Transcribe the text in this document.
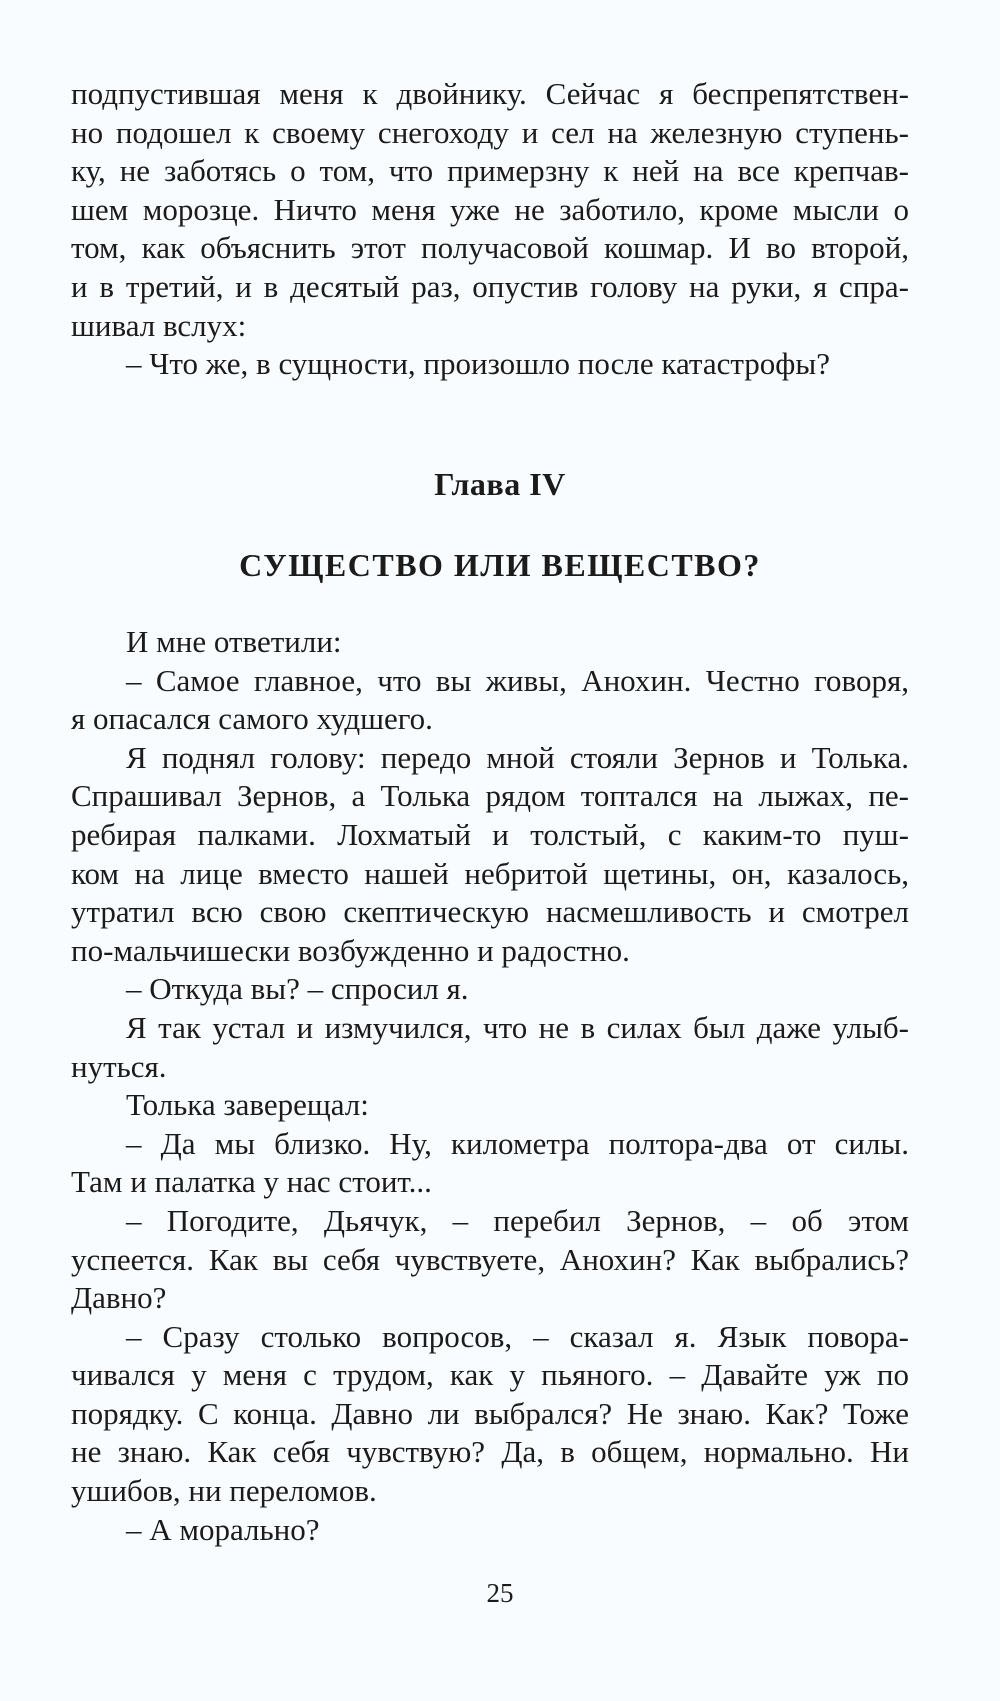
подпустившая меня к двойнику. Сейчас я беспрепятствен-
но подошел к своему снегоходу и сел на железную ступень-
ку, не заботясь о том, что примерзну к ней на все крепчав-
шем морозце. Ничто меня уже не заботило, кроме мысли о
том, как объяснить этот получасовой кошмар. И во второй,
и в третий, и в десятый раз, опустив голову на руки, я спра-
шивал вслух:
– Что же, в сущности, произошло после катастрофы?
Глава IV
СУЩЕСТВО ИЛИ ВЕЩЕСТВО?
И мне ответили:
– Самое главное, что вы живы, Анохин. Честно говоря,
я опасался самого худшего.
Я поднял голову: передо мной стояли Зернов и Толька.
Спрашивал Зернов, а Толька рядом топтался на лыжах, пе-
ребирая палками. Лохматый и толстый, с каким-то пуш-
ком на лице вместо нашей небритой щетины, он, казалось,
утратил всю свою скептическую насмешливость и смотрел
по-мальчишески возбужденно и радостно.
– Откуда вы? – спросил я.
Я так устал и измучился, что не в силах был даже улыб-
нуться.
Толька заверещал:
– Да мы близко. Ну, километра полтора-два от силы.
Там и палатка у нас стоит...
– Погодите, Дьячук, – перебил Зернов, – об этом
успеется. Как вы себя чувствуете, Анохин? Как выбрались?
Давно?
– Сразу столько вопросов, – сказал я. Язык повора-
чивался у меня с трудом, как у пьяного. – Давайте уж по
порядку. С конца. Давно ли выбрался? Не знаю. Как? Тоже
не знаю. Как себя чувствую? Да, в общем, нормально. Ни
ушибов, ни переломов.
– А морально?
25
